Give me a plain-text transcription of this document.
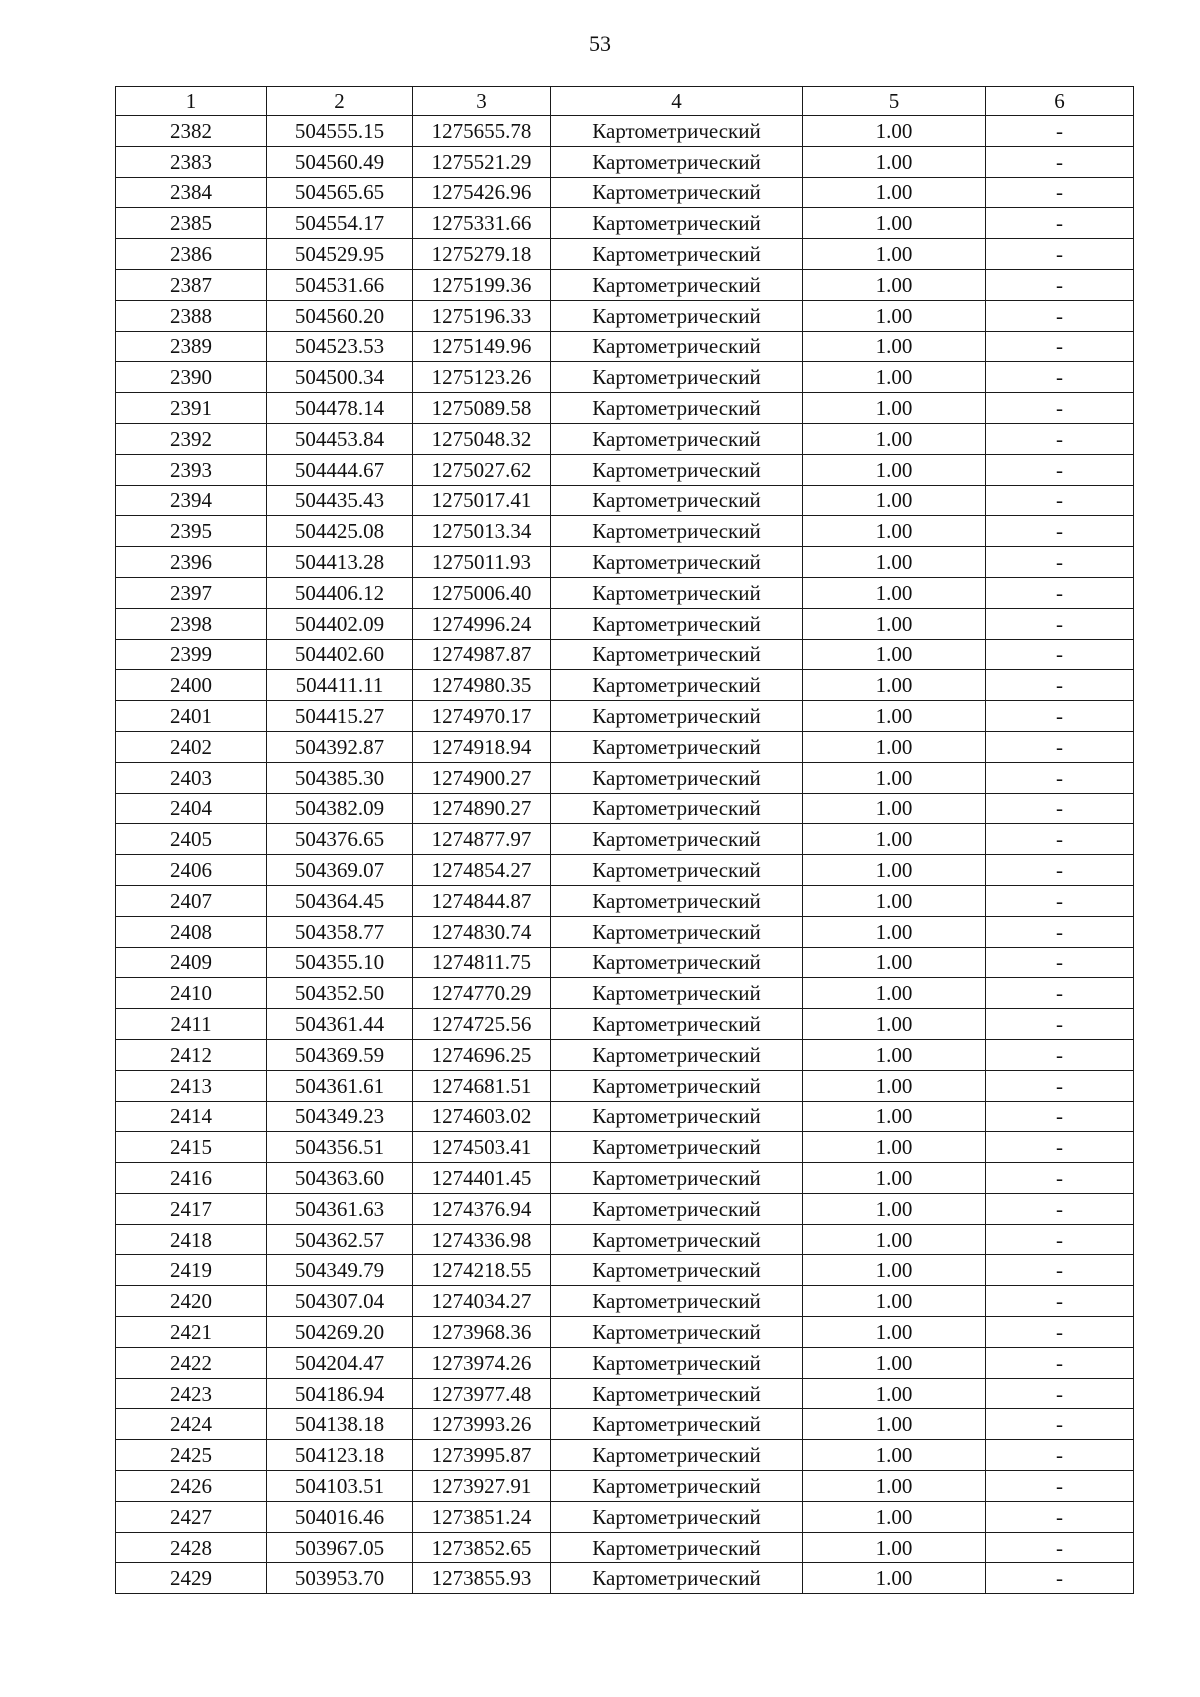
53
1	2	3	4	5	6
2382	504555.15	1275655.78	Картометрический	1.00	-
2383	504560.49	1275521.29	Картометрический	1.00	-
2384	504565.65	1275426.96	Картометрический	1.00	-
2385	504554.17	1275331.66	Картометрический	1.00	-
2386	504529.95	1275279.18	Картометрический	1.00	-
2387	504531.66	1275199.36	Картометрический	1.00	-
2388	504560.20	1275196.33	Картометрический	1.00	-
2389	504523.53	1275149.96	Картометрический	1.00	-
2390	504500.34	1275123.26	Картометрический	1.00	-
2391	504478.14	1275089.58	Картометрический	1.00	-
2392	504453.84	1275048.32	Картометрический	1.00	-
2393	504444.67	1275027.62	Картометрический	1.00	-
2394	504435.43	1275017.41	Картометрический	1.00	-
2395	504425.08	1275013.34	Картометрический	1.00	-
2396	504413.28	1275011.93	Картометрический	1.00	-
2397	504406.12	1275006.40	Картометрический	1.00	-
2398	504402.09	1274996.24	Картометрический	1.00	-
2399	504402.60	1274987.87	Картометрический	1.00	-
2400	504411.11	1274980.35	Картометрический	1.00	-
2401	504415.27	1274970.17	Картометрический	1.00	-
2402	504392.87	1274918.94	Картометрический	1.00	-
2403	504385.30	1274900.27	Картометрический	1.00	-
2404	504382.09	1274890.27	Картометрический	1.00	-
2405	504376.65	1274877.97	Картометрический	1.00	-
2406	504369.07	1274854.27	Картометрический	1.00	-
2407	504364.45	1274844.87	Картометрический	1.00	-
2408	504358.77	1274830.74	Картометрический	1.00	-
2409	504355.10	1274811.75	Картометрический	1.00	-
2410	504352.50	1274770.29	Картометрический	1.00	-
2411	504361.44	1274725.56	Картометрический	1.00	-
2412	504369.59	1274696.25	Картометрический	1.00	-
2413	504361.61	1274681.51	Картометрический	1.00	-
2414	504349.23	1274603.02	Картометрический	1.00	-
2415	504356.51	1274503.41	Картометрический	1.00	-
2416	504363.60	1274401.45	Картометрический	1.00	-
2417	504361.63	1274376.94	Картометрический	1.00	-
2418	504362.57	1274336.98	Картометрический	1.00	-
2419	504349.79	1274218.55	Картометрический	1.00	-
2420	504307.04	1274034.27	Картометрический	1.00	-
2421	504269.20	1273968.36	Картометрический	1.00	-
2422	504204.47	1273974.26	Картометрический	1.00	-
2423	504186.94	1273977.48	Картометрический	1.00	-
2424	504138.18	1273993.26	Картометрический	1.00	-
2425	504123.18	1273995.87	Картометрический	1.00	-
2426	504103.51	1273927.91	Картометрический	1.00	-
2427	504016.46	1273851.24	Картометрический	1.00	-
2428	503967.05	1273852.65	Картометрический	1.00	-
2429	503953.70	1273855.93	Картометрический	1.00	-
